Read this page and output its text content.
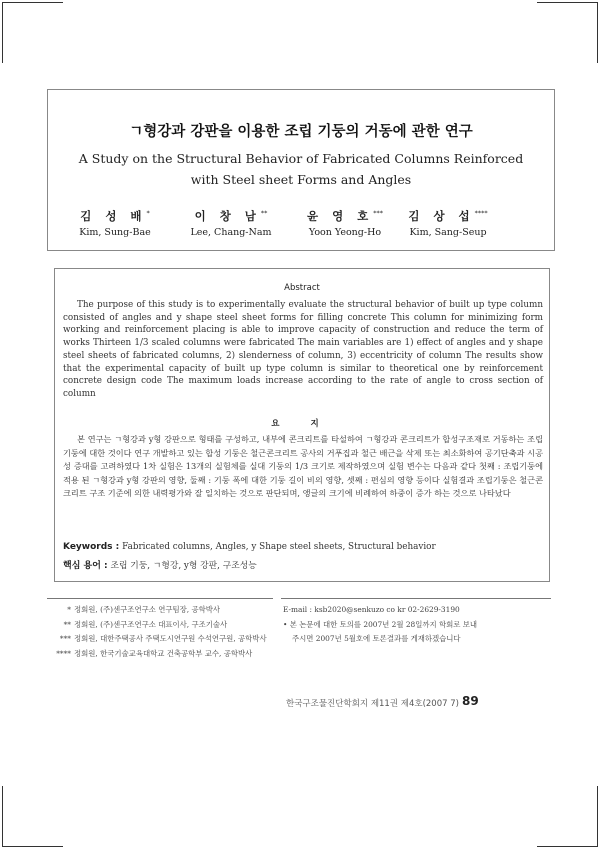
ㄱ형강과 강판을 이용한 조립 기둥의 거동에 관한 연구
A Study on the Structural Behavior of Fabricated Columns Reinforced
with Steel sheet Forms and Angles
김 성 배*
Kim, Sung-Bae
이 창 남**
Lee, Chang-Nam
윤 영 호***
Yoon Yeong-Ho
김 상 섭****
Kim, Sang-Seup
Abstract
The purpose of this study is to experimentally evaluate the structural behavior of built up type column consisted of angles and y shape steel sheet forms for filling concrete This column for minimizing form working and reinforcement placing is able to improve capacity of construction and reduce the term of works Thirteen 1/3 scaled columns were fabricated The main variables are 1) effect of angles and y shape steel sheets of fabricated columns, 2) slenderness of column, 3) eccentricity of column The results show that the experimental capacity of built up type column is similar to theoretical one by reinforcement concrete design code The maximum loads increase according to the rate of angle to cross section of column
요 지
본 연구는 ㄱ형강과 y형 강판으로 형태를 구성하고, 내부에 콘크리트를 타설하여 ㄱ형강과 콘크리트가 합성구조재로 거동하는 조립기둥에 대한 것이다 연구 개발하고 있는 합성 기둥은 철근콘크리트 공사의 거푸집과 철근 배근을 삭제 또는 최소화하여 공기단축과 시공성 증대를 고려하였다 1차 실험은 13개의 실험체를 실대 기둥의 1/3 크기로 제작하였으며 실험 변수는 다음과 같다 첫째 : 조립기둥에 적용 된 ㄱ형강과 y형 강판의 영향, 둘째 : 기둥 폭에 대한 기둥 길이 비의 영향, 셋째 : 편심의 영향 등이다 실험결과 조립기둥은 철근콘크리트 구조 기준에 의한 내력평가와 잘 일치하는 것으로 판단되며, 앵글의 크기에 비례하여 하중이 증가 하는 것으로 나타났다
Keywords : Fabricated columns, Angles, y Shape steel sheets, Structural behavior
핵심 용어 : 조립 기둥, ㄱ형강, y형 강판, 구조성능
* 정회원, (주)센구조연구소 연구팀장, 공학박사
** 정회원, (주)센구조연구소 대표이사, 구조기술사
*** 정회원, 대한주택공사 주택도시연구원 수석연구원, 공학박사
**** 정회원, 한국기술교육대학교 건축공학부 교수, 공학박사
E-mail : ksb2020@senkuzo co kr 02-2629-3190
• 본 논문에 대한 토의를 2007년 2월 28일까지 학회로 보내
주시면 2007년 5월호에 토론결과를 게재하겠습니다
한국구조물진단학회지 제11권 제4호(2007 7) 89
